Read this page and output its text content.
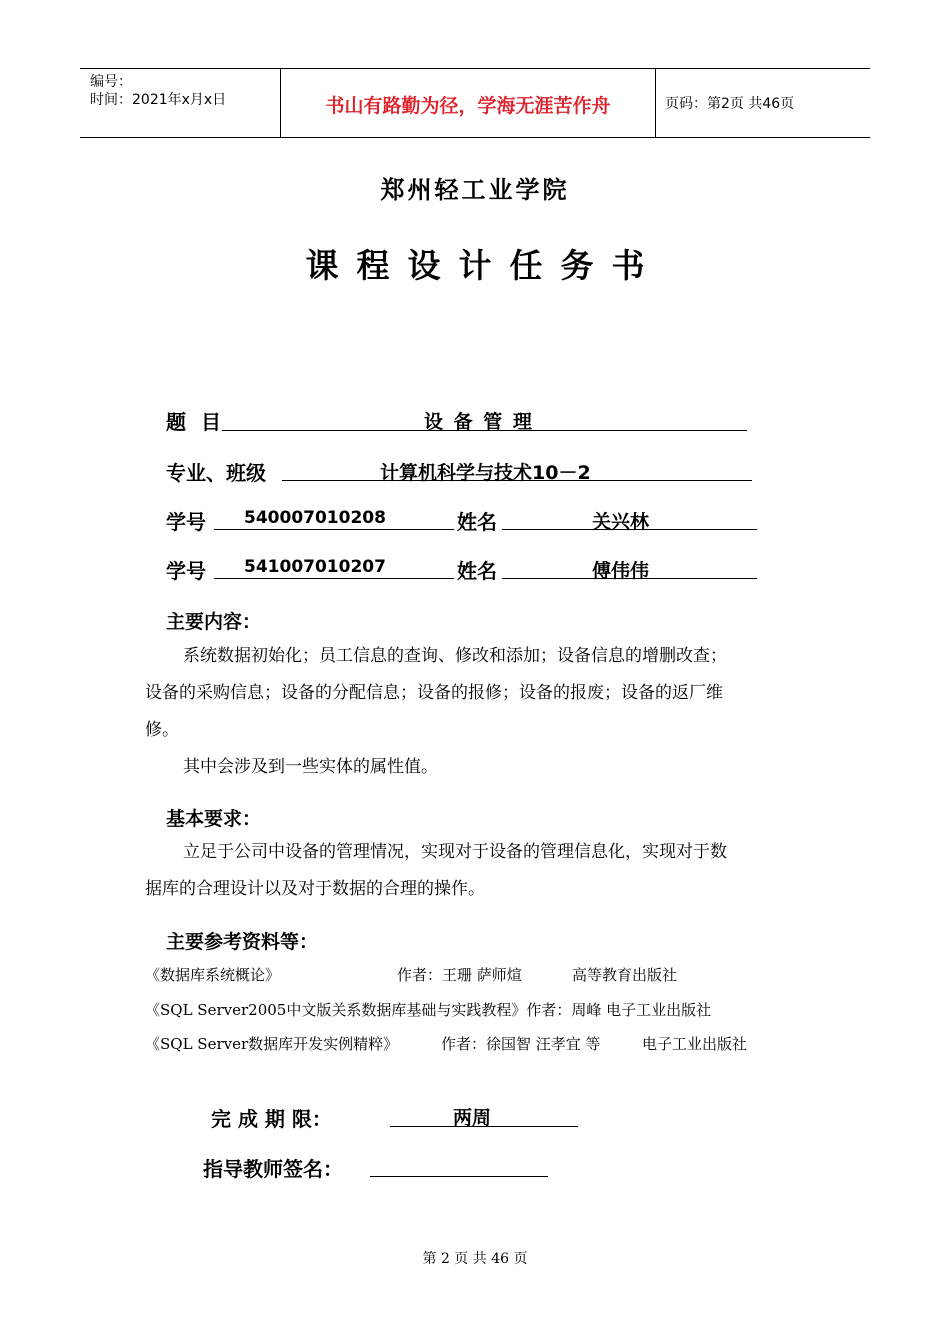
编号：
时间：2021年x月x日	书山有路勤为径，学海无涯苦作舟	页码：第2页 共46页
郑州轻工业学院
课程设计任务书
题 目	设 备 管 理
专业、班级	计算机科学与技术10－2
学号 540007010208	姓名	关兴林
学号 541007010207	姓名	傅伟伟
主要内容：
系统数据初始化；员工信息的查询、修改和添加；设备信息的增删改查；
设备的采购信息；设备的分配信息；设备的报修；设备的报废；设备的返厂维
修。
其中会涉及到一些实体的属性值。
基本要求：
立足于公司中设备的管理情况，实现对于设备的管理信息化，实现对于数
据库的合理设计以及对于数据的合理的操作。
主要参考资料等：
《数据库系统概论》	作者：王珊 萨师煊	高等教育出版社
《SQL Server2005中文版关系数据库基础与实践教程》作者：周峰 电子工业出版社
《SQL Server数据库开发实例精粹》	作者：徐国智 汪孝宜 等	电子工业出版社
完 成 期 限：	两周
指导教师签名：
第 2 页 共 46 页
